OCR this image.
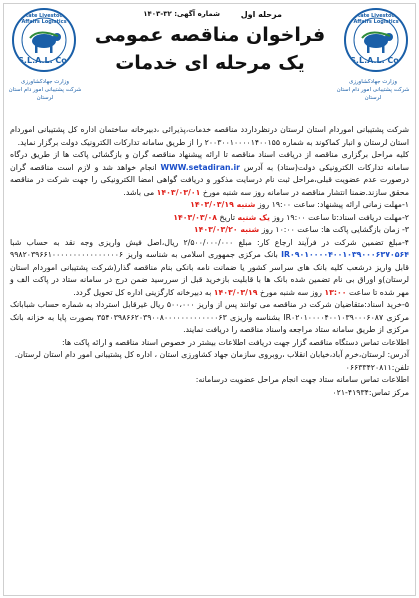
State Livestock Affairs Logistics
S.L.A.L. Co.
وزارت جهادکشاورزی
شرکت پشتیبانی امور دام استان لرستان
State Livestock Affairs Logistics
S.L.A.L. Co.
وزارت جهادکشاورزی
شرکت پشتیبانی امور دام استان لرستان
مرحله اول
شماره آگهی: ۳۲-۱۴۰۳
فراخوان مناقصه عمومی
یک مرحله ای خدمات

شرکت پشتیبانی اموردام استان لرستان درنظرداردد مناقصه خدمات،پذیرائی ،دبیرخانه ساختمان اداره کل پشتیبانی اموردام استان لرستان و انبار کماکوند به شماره ۲۰۰۳۰۰۱۰۰۰۰۱۴۰۰۱۵۵ را از طریق سامانه تدارکات الکترونیک دولت برگزار نماید.

کلیه مراحل برگزاری مناقصه از دریافت اسناد مناقصه تا ارائه پیشنهاد مناقصه گران و بازگشائی پاکت ها از طریق درگاه سامانه تدارکات الکترونیکی دولت(ستاد) به آدرس WWW.setadiran.ir انجام خواهد شد و لازم است مناقصه گران درصورت عدم عضویت قبلی،مراحل ثبت نام درسایت مذکور و دریافت گواهی امضا الکترونیکی را جهت شرکت در مناقصه محقق سازند.ضمنا انتشار مناقصه در سامانه روز سه شنبه مورخ ۱۴۰۳/۰۳/۰۱ می باشد.

۱-مهلت زمانی ارائه پیشنهاد: ساعت ۱۹:۰۰ روز شنبه ۱۴۰۳/۰۳/۱۹

۲-مهلت دریافت اسناد:تا ساعت ۱۹:۰۰ روز یک شنبه تاریخ ۱۴۰۳/۰۳/۰۸

۳- زمان بازگشایی پاکت ها: ساعت ۱۰:۰۰ روز شنبه ۱۴۰۳/۰۳/۲۰

۴-مبلغ تضمین شرکت در فرآیند ارجاع کار: مبلغ ۲/۵۰۰/۰۰۰/۰۰۰ ریال،اصل فیش واریزی وجه نقد به حساب شبا IR۰۹۰۱۰۰۰۰۴۰۰۱۰۳۹۰۰۰۶۳۷۰۵۶۴ بانک مرکزی جمهوری اسلامی به شناسه واریز ۹۹۸۲۰۳۹۶۶۱۰۰۰۰۰۰۰۰۰۰۰۰۰۰۰۰۶ قابل واریز درشعب کلیه بانک های سراسر کشور یا ضمانت نامه بانکی بنام مناقصه گذار(شرکت پشتیبانی اموردام استان لرستان)و اوراق بی نام تضمین شده بانک ها با قابلیت بازخرید قبل از سررسید ضمن درج در سامانه ستاد در پاکت الف و مهر شده تا ساعت ۱۳:۰۰ روز سه شنبه مورخ ۱۴۰۳/۰۳/۱۹ به دبیرخانه کارگزینی اداره کل تحویل گردد.

۵-خرید اسناد:متقاضیان شرکت در مناقصه می توانند پس از واریز ۵۰۰،۰۰۰ ریال غیرقابل استرداد به شماره حساب شبابانک مرکزی IR۰۲۰۱۰۰۰۰۴۰۰۱۰۳۹۰۰۰۶۰۸۷ بشناسه واریزی ۳۵۴۰۳۹۸۶۶۲۰۳۹۰۰۸۰۰۰۰۰۰۰۰۰۰۰۰۰۶۳ بصورت پایا به خزانه بانک مرکزی از طریق سامانه ستاد مراجعه واسناد مناقصه را دریافت نمایند.

اطلاعات تماس دستگاه مناقصه گزار جهت دریافت اطلاعات بیشتر در خصوص اسناد مناقصه و ارائه پاکت ها:

آدرس: لرستان،خرم آباد،خیابان انقلاب ،روبروی سازمان جهاد کشاورزی استان ، اداره کل پشتیبانی امور دام استان لرستان.

تلفن:۰۶۶۳۳۴۲۰۸۱۱

اطلاعات تماس سامانه ستاد جهت انجام مراحل عضویت درسامانه:

مرکز تماس:۴۱۹۳۴-۰۲۱
